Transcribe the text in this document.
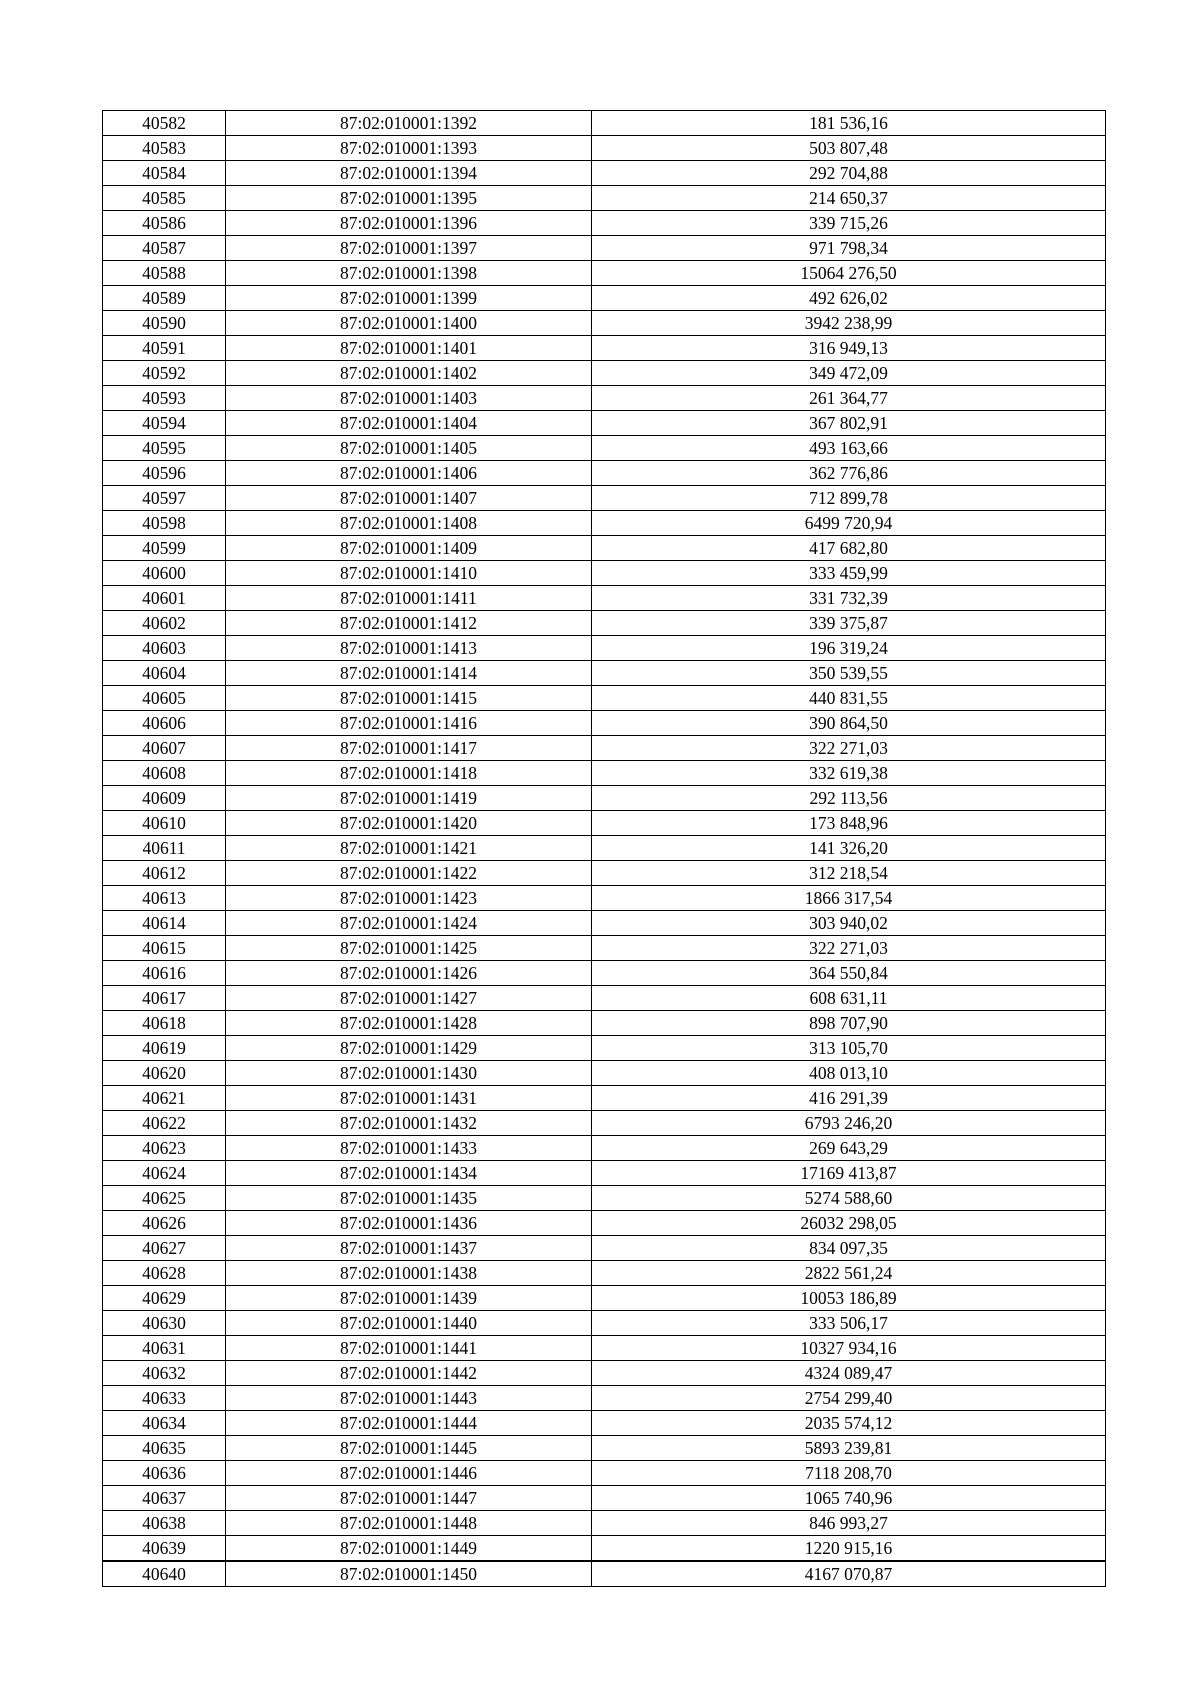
40582	87:02:010001:1392	181 536,16
40583	87:02:010001:1393	503 807,48
40584	87:02:010001:1394	292 704,88
40585	87:02:010001:1395	214 650,37
40586	87:02:010001:1396	339 715,26
40587	87:02:010001:1397	971 798,34
40588	87:02:010001:1398	15064 276,50
40589	87:02:010001:1399	492 626,02
40590	87:02:010001:1400	3942 238,99
40591	87:02:010001:1401	316 949,13
40592	87:02:010001:1402	349 472,09
40593	87:02:010001:1403	261 364,77
40594	87:02:010001:1404	367 802,91
40595	87:02:010001:1405	493 163,66
40596	87:02:010001:1406	362 776,86
40597	87:02:010001:1407	712 899,78
40598	87:02:010001:1408	6499 720,94
40599	87:02:010001:1409	417 682,80
40600	87:02:010001:1410	333 459,99
40601	87:02:010001:1411	331 732,39
40602	87:02:010001:1412	339 375,87
40603	87:02:010001:1413	196 319,24
40604	87:02:010001:1414	350 539,55
40605	87:02:010001:1415	440 831,55
40606	87:02:010001:1416	390 864,50
40607	87:02:010001:1417	322 271,03
40608	87:02:010001:1418	332 619,38
40609	87:02:010001:1419	292 113,56
40610	87:02:010001:1420	173 848,96
40611	87:02:010001:1421	141 326,20
40612	87:02:010001:1422	312 218,54
40613	87:02:010001:1423	1866 317,54
40614	87:02:010001:1424	303 940,02
40615	87:02:010001:1425	322 271,03
40616	87:02:010001:1426	364 550,84
40617	87:02:010001:1427	608 631,11
40618	87:02:010001:1428	898 707,90
40619	87:02:010001:1429	313 105,70
40620	87:02:010001:1430	408 013,10
40621	87:02:010001:1431	416 291,39
40622	87:02:010001:1432	6793 246,20
40623	87:02:010001:1433	269 643,29
40624	87:02:010001:1434	17169 413,87
40625	87:02:010001:1435	5274 588,60
40626	87:02:010001:1436	26032 298,05
40627	87:02:010001:1437	834 097,35
40628	87:02:010001:1438	2822 561,24
40629	87:02:010001:1439	10053 186,89
40630	87:02:010001:1440	333 506,17
40631	87:02:010001:1441	10327 934,16
40632	87:02:010001:1442	4324 089,47
40633	87:02:010001:1443	2754 299,40
40634	87:02:010001:1444	2035 574,12
40635	87:02:010001:1445	5893 239,81
40636	87:02:010001:1446	7118 208,70
40637	87:02:010001:1447	1065 740,96
40638	87:02:010001:1448	846 993,27
40639	87:02:010001:1449	1220 915,16
40640	87:02:010001:1450	4167 070,87
